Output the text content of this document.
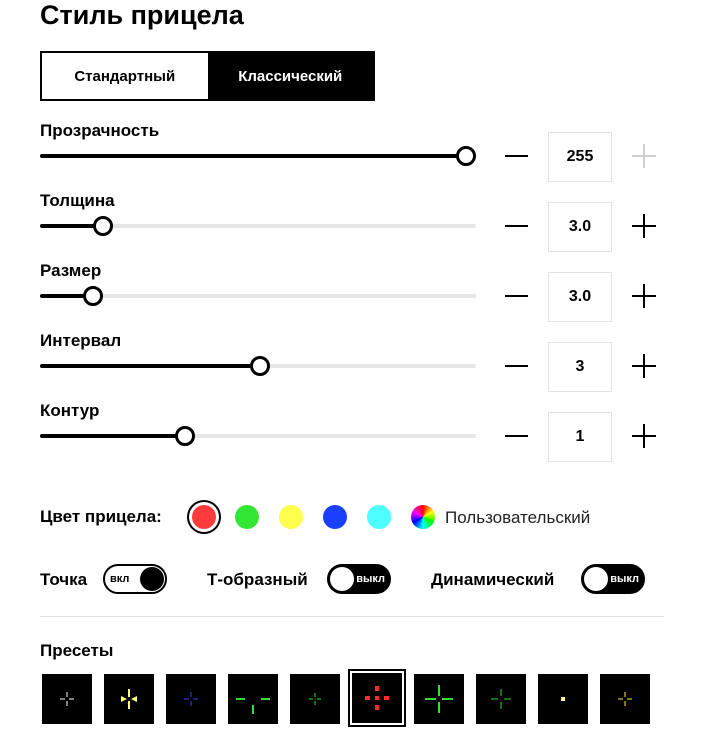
Стиль прицела
Стандартный	Классический
Прозрачность
255
Толщина
3.0
Размер
3.0
Интервал
3
Контур
1
Цвет прицела:	Пользовательский
Точка вкл	Т-образный	выкл	Динамический	выкл
Пресеты
